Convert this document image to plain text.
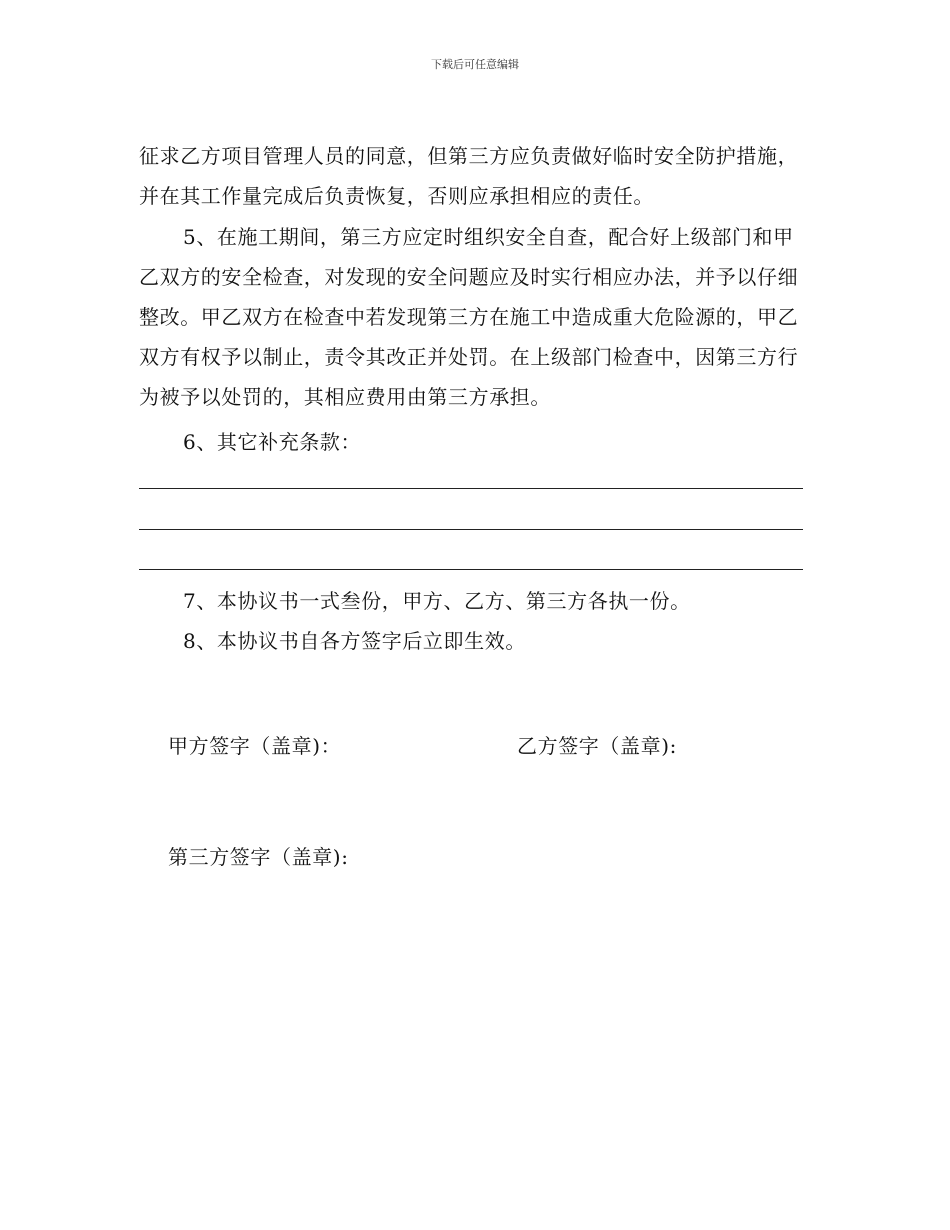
下载后可任意编辑

征求乙方项目管理人员的同意，但第三方应负责做好临时安全防护措施，并在其工作量完成后负责恢复，否则应承担相应的责任。

5、在施工期间，第三方应定时组织安全自查，配合好上级部门和甲乙双方的安全检查，对发现的安全问题应及时实行相应办法，并予以仔细整改。甲乙双方在检查中若发现第三方在施工中造成重大危险源的，甲乙双方有权予以制止，责令其改正并处罚。在上级部门检查中，因第三方行为被予以处罚的，其相应费用由第三方承担。

6、其它补充条款：

7、本协议书一式叁份，甲方、乙方、第三方各执一份。

8、本协议书自各方签字后立即生效。

甲方签字（盖章)：	乙方签字（盖章):
第三方签字（盖章):
